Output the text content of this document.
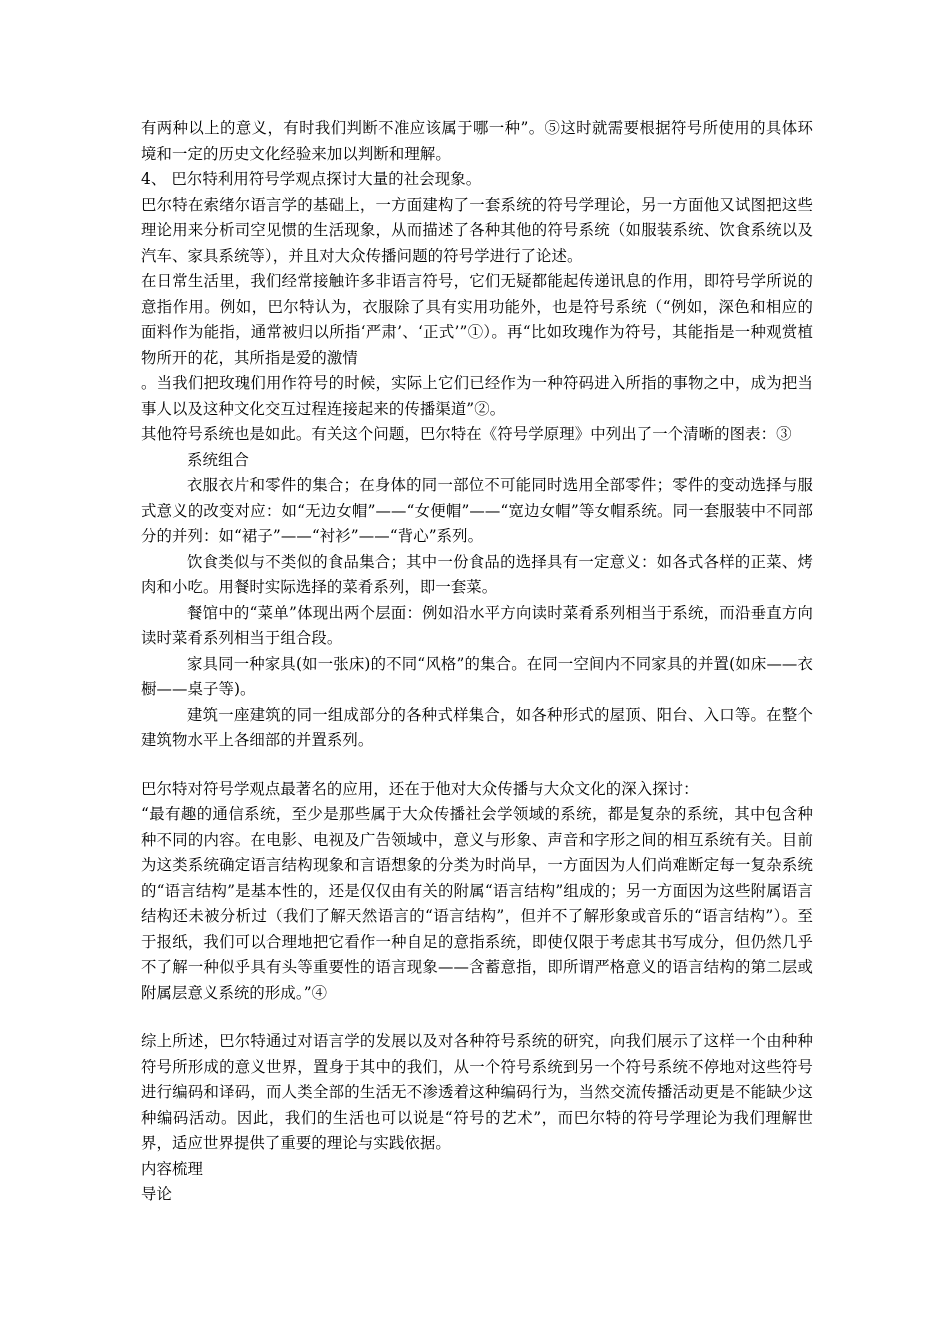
有两种以上的意义，有时我们判断不准应该属于哪一种”。⑤这时就需要根据符号所使用的具体环境和一定的历史文化经验来加以判断和理解。

4、 巴尔特利用符号学观点探讨大量的社会现象。

巴尔特在索绪尔语言学的基础上，一方面建构了一套系统的符号学理论，另一方面他又试图把这些理论用来分析司空见惯的生活现象，从而描述了各种其他的符号系统（如服装系统、饮食系统以及汽车、家具系统等），并且对大众传播问题的符号学进行了论述。

在日常生活里，我们经常接触许多非语言符号，它们无疑都能起传递讯息的作用，即符号学所说的意指作用。例如，巴尔特认为，衣服除了具有实用功能外，也是符号系统（“例如，深色和相应的面料作为能指，通常被归以所指‘严肃’、‘正式’”①）。再“比如玫瑰作为符号，其能指是一种观赏植物所开的花，其所指是爱的激情

。当我们把玫瑰们用作符号的时候，实际上它们已经作为一种符码进入所指的事物之中，成为把当事人以及这种文化交互过程连接起来的传播渠道”②。

其他符号系统也是如此。有关这个问题，巴尔特在《符号学原理》中列出了一个清晰的图表：③

系统组合

衣服衣片和零件的集合；在身体的同一部位不可能同时选用全部零件；零件的变动选择与服式意义的改变对应：如“无边女帽”——“女便帽”——“宽边女帽”等女帽系统。同一套服装中不同部分的并列：如“裙子”——“衬衫”——“背心”系列。

饮食类似与不类似的食品集合；其中一份食品的选择具有一定意义：如各式各样的正菜、烤肉和小吃。用餐时实际选择的菜肴系列，即一套菜。

餐馆中的“菜单”体现出两个层面：例如沿水平方向读时菜肴系列相当于系统，而沿垂直方向读时菜肴系列相当于组合段。

家具同一种家具(如一张床)的不同“风格”的集合。在同一空间内不同家具的并置(如床——衣橱——桌子等)。

建筑一座建筑的同一组成部分的各种式样集合，如各种形式的屋顶、阳台、入口等。在整个建筑物水平上各细部的并置系列。

巴尔特对符号学观点最著名的应用，还在于他对大众传播与大众文化的深入探讨：

“最有趣的通信系统，至少是那些属于大众传播社会学领域的系统，都是复杂的系统，其中包含种种不同的内容。在电影、电视及广告领域中，意义与形象、声音和字形之间的相互系统有关。目前为这类系统确定语言结构现象和言语想象的分类为时尚早，一方面因为人们尚难断定每一复杂系统的“语言结构”是基本性的，还是仅仅由有关的附属“语言结构”组成的；另一方面因为这些附属语言结构还未被分析过（我们了解天然语言的“语言结构”，但并不了解形象或音乐的“语言结构”）。至于报纸，我们可以合理地把它看作一种自足的意指系统，即使仅限于考虑其书写成分，但仍然几乎不了解一种似乎具有头等重要性的语言现象——含蓄意指，即所谓严格意义的语言结构的第二层或附属层意义系统的形成。”④

综上所述，巴尔特通过对语言学的发展以及对各种符号系统的研究，向我们展示了这样一个由种种符号所形成的意义世界，置身于其中的我们，从一个符号系统到另一个符号系统不停地对这些符号进行编码和译码，而人类全部的生活无不渗透着这种编码行为，当然交流传播活动更是不能缺少这种编码活动。因此，我们的生活也可以说是“符号的艺术”，而巴尔特的符号学理论为我们理解世界，适应世界提供了重要的理论与实践依据。

内容梳理

导论
